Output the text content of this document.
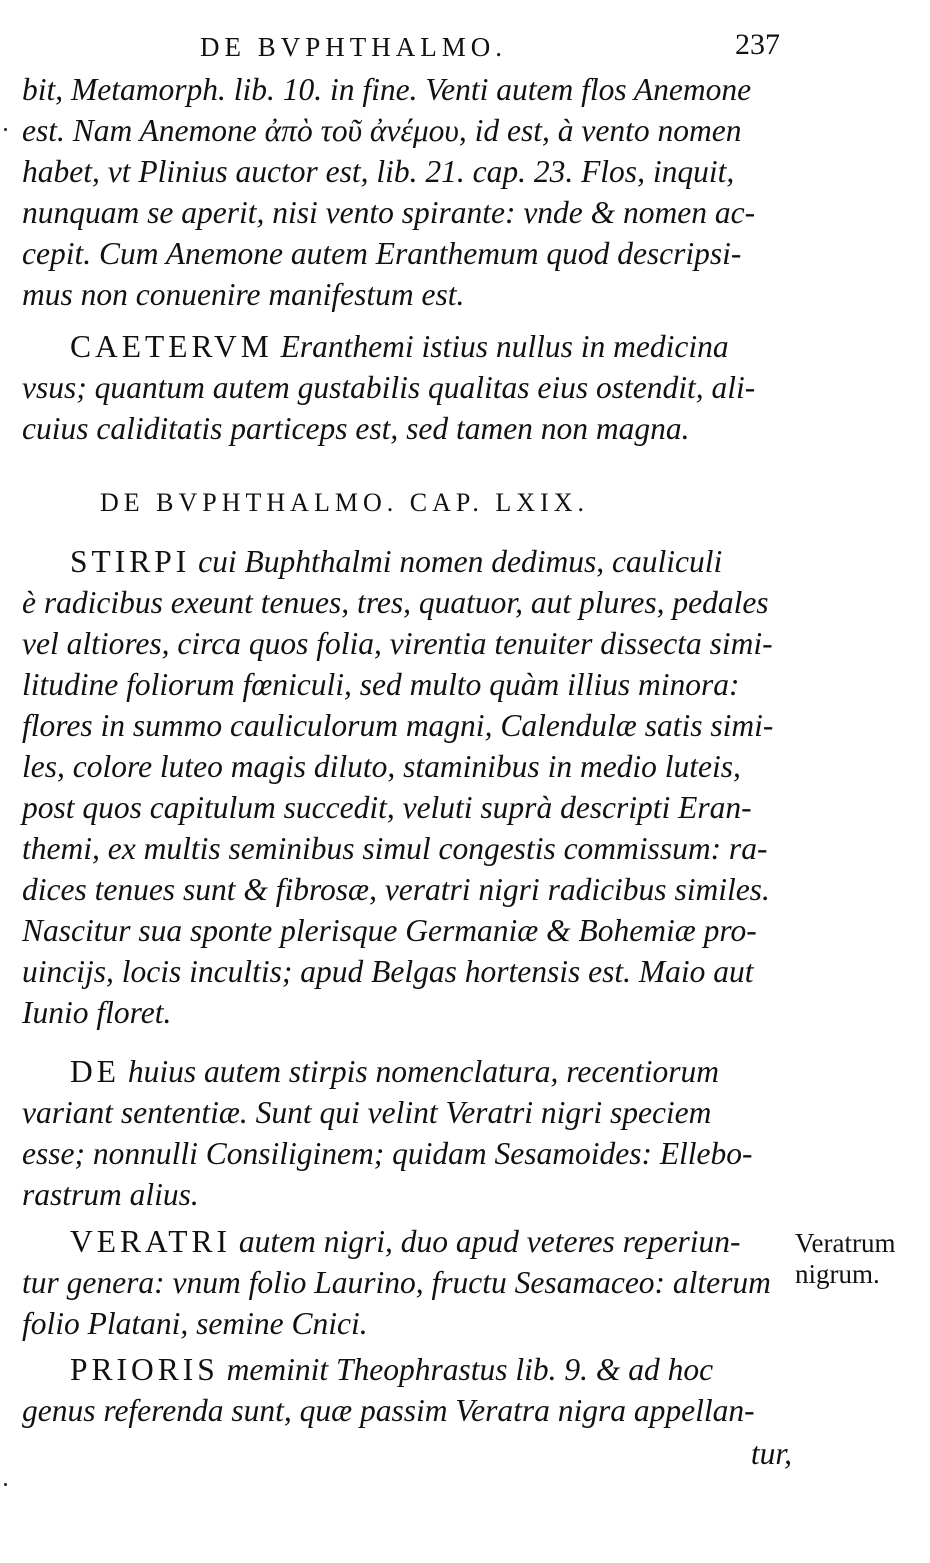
DE BVPHTHALMO.	237
bit, Metamorph. lib. 10. in fine. Venti autem flos Anemone
est. Nam Anemone ἀπὸ τοῦ ἀνέμου, id est, à vento nomen
habet, vt Plinius auctor est, lib. 21. cap. 23. Flos, inquit,
nunquam se aperit, nisi vento spirante: vnde & nomen ac-
cepit. Cum Anemone autem Eranthemum quod descripsi-
mus non conuenire manifestum est.
CAETERVM Eranthemi istius nullus in medicina
vsus; quantum autem gustabilis qualitas eius ostendit, ali-
cuius caliditatis particeps est, sed tamen non magna.
DE BVPHTHALMO. CAP. LXIX.
STIRPI cui Buphthalmi nomen dedimus, cauliculi
è radicibus exeunt tenues, tres, quatuor, aut plures, pedales
vel altiores, circa quos folia, virentia tenuiter dissecta simi-
litudine foliorum fœniculi, sed multo quàm illius minora:
flores in summo cauliculorum magni, Calendulæ satis simi-
les, colore luteo magis diluto, staminibus in medio luteis,
post quos capitulum succedit, veluti suprà descripti Eran-
themi, ex multis seminibus simul congestis commissum: ra-
dices tenues sunt & fibrosæ, veratri nigri radicibus similes.
Nascitur sua sponte plerisque Germaniæ & Bohemiæ pro-
uinciјs, locis incultis; apud Belgas hortensis est. Maio aut
Iunio floret.
DE huius autem stirpis nomenclatura, recentiorum
variant sententiæ. Sunt qui velint Veratri nigri speciem
esse; nonnulli Consiliginem; quidam Sesamoides: Ellebo-
rastrum alius.
VERATRI autem nigri, duo apud veteres reperiun-
tur genera: vnum folio Laurino, fructu Sesamaceo: alterum
folio Platani, semine Cnici.
PRIORIS meminit Theophrastus lib. 9. & ad hoc
genus referenda sunt, quæ passim Veratra nigra appellan-
tur,
Veratrum
nigrum.
